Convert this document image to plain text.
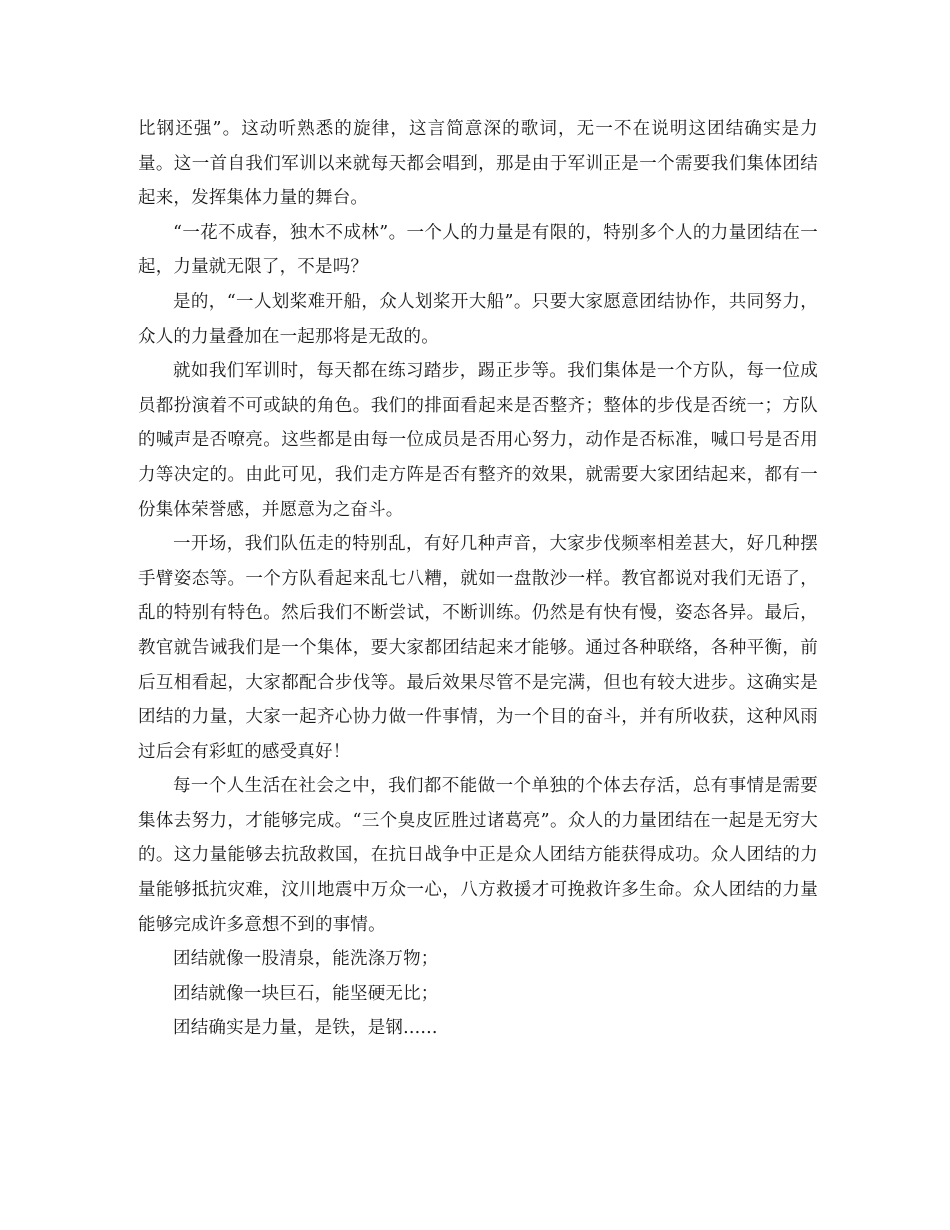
比钢还强”。这动听熟悉的旋律，这言简意深的歌词，无一不在说明这团结确实是力量。这一首自我们军训以来就每天都会唱到，那是由于军训正是一个需要我们集体团结起来，发挥集体力量的舞台。

“一花不成春，独木不成林”。一个人的力量是有限的，特别多个人的力量团结在一起，力量就无限了，不是吗？

是的，“一人划桨难开船，众人划桨开大船”。只要大家愿意团结协作，共同努力，众人的力量叠加在一起那将是无敌的。

就如我们军训时，每天都在练习踏步，踢正步等。我们集体是一个方队，每一位成员都扮演着不可或缺的角色。我们的排面看起来是否整齐；整体的步伐是否统一；方队的喊声是否嘹亮。这些都是由每一位成员是否用心努力，动作是否标准，喊口号是否用力等决定的。由此可见，我们走方阵是否有整齐的效果，就需要大家团结起来，都有一份集体荣誉感，并愿意为之奋斗。

一开场，我们队伍走的特别乱，有好几种声音，大家步伐频率相差甚大，好几种摆手臂姿态等。一个方队看起来乱七八糟，就如一盘散沙一样。教官都说对我们无语了，乱的特别有特色。然后我们不断尝试，不断训练。仍然是有快有慢，姿态各异。最后，教官就告诫我们是一个集体，要大家都团结起来才能够。通过各种联络，各种平衡，前后互相看起，大家都配合步伐等。最后效果尽管不是完满，但也有较大进步。这确实是团结的力量，大家一起齐心协力做一件事情，为一个目的奋斗，并有所收获，这种风雨过后会有彩虹的感受真好！

每一个人生活在社会之中，我们都不能做一个单独的个体去存活，总有事情是需要集体去努力，才能够完成。“三个臭皮匠胜过诸葛亮”。众人的力量团结在一起是无穷大的。这力量能够去抗敌救国，在抗日战争中正是众人团结方能获得成功。众人团结的力量能够抵抗灾难，汶川地震中万众一心，八方救援才可挽救许多生命。众人团结的力量能够完成许多意想不到的事情。

团结就像一股清泉，能洗涤万物；

团结就像一块巨石，能坚硬无比；

团结确实是力量，是铁，是钢......
